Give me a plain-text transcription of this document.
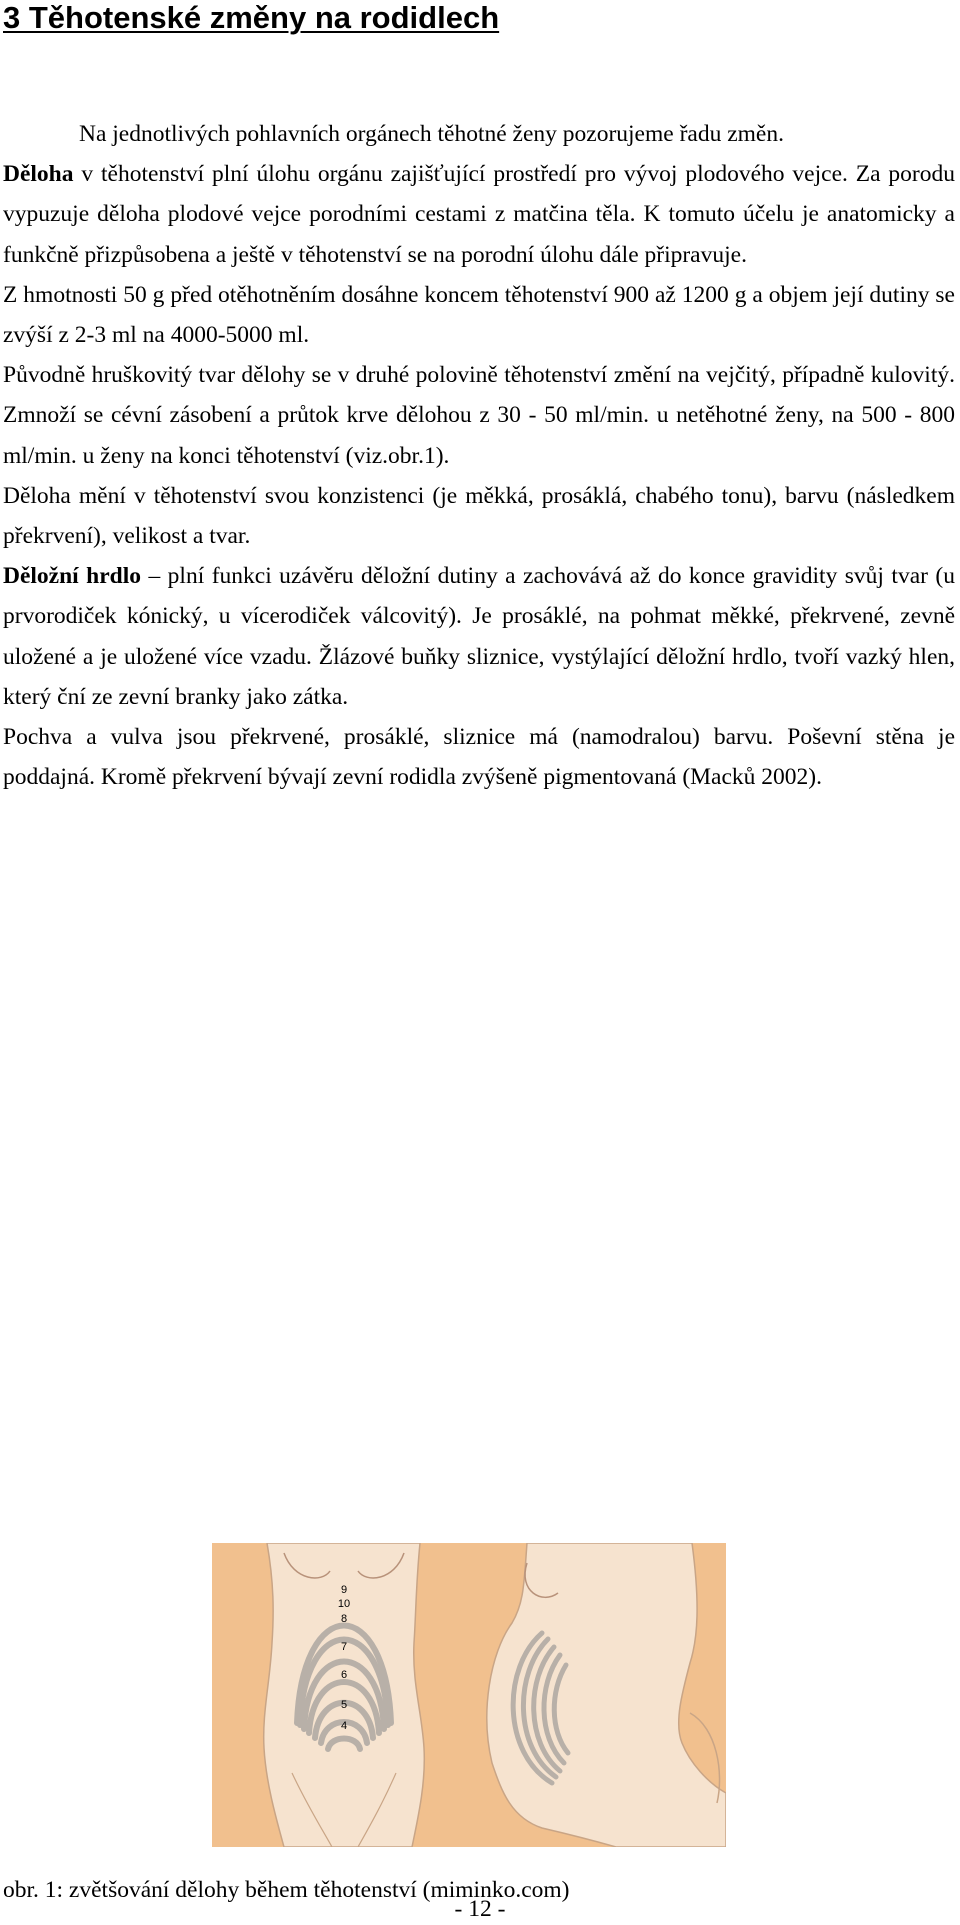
3 Těhotenské změny na rodidlech

Na jednotlivých pohlavních orgánech těhotné ženy pozorujeme řadu změn.

Děloha v těhotenství plní úlohu orgánu zajišťující prostředí pro vývoj plodového vejce. Za porodu vypuzuje děloha plodové vejce porodními cestami z matčina těla. K tomuto účelu je anatomicky a funkčně přizpůsobena a ještě v těhotenství se na porodní úlohu dále připravuje.

Z hmotnosti 50 g před otěhotněním dosáhne koncem těhotenství 900 až 1200 g a objem její dutiny se zvýší z 2-3 ml na 4000-5000 ml.

Původně hruškovitý tvar dělohy se v druhé polovině těhotenství změní na vejčitý, případně kulovitý. Zmnoží se cévní zásobení a průtok krve dělohou z 30 - 50 ml/min. u netěhotné ženy, na 500 - 800 ml/min. u ženy na konci těhotenství (viz.obr.1).

Děloha mění v těhotenství svou konzistenci (je měkká, prosáklá, chabého tonu), barvu (následkem překrvení), velikost a tvar.

Děložní hrdlo – plní funkci uzávěru děložní dutiny a zachovává až do konce gravidity svůj tvar (u prvorodiček kónický, u vícerodiček válcovitý). Je prosáklé, na pohmat měkké, překrvené, zevně uložené a je uložené více vzadu. Žlázové buňky sliznice, vystýlající děložní hrdlo, tvoří vazký hlen, který ční ze zevní branky jako zátka.

Pochva a vulva jsou překrvené, prosáklé, sliznice má (namodralou) barvu. Poševní stěna je poddajná. Kromě překrvení bývají zevní rodidla zvýšeně pigmentovaná (Macků 2002).

9
10
8
7
6
5
4
obr. 1: zvětšování dělohy během těhotenství (miminko.com)
- 12 -
